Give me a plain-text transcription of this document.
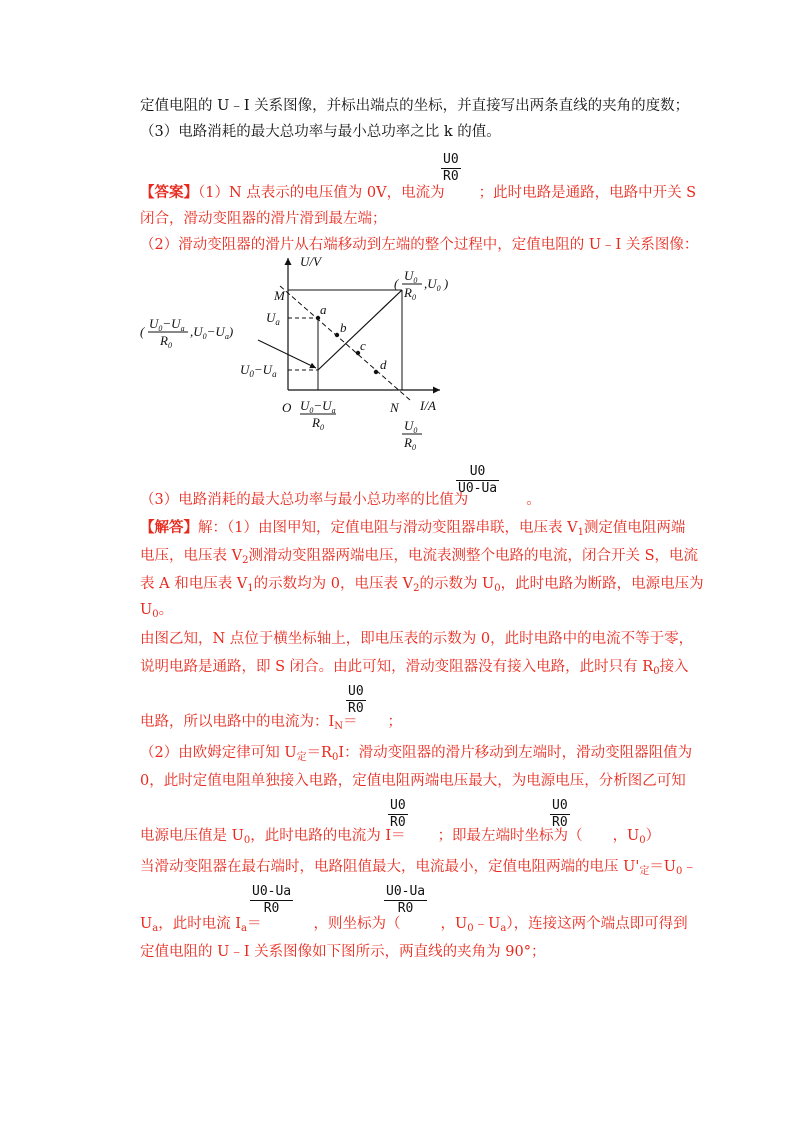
定值电阻的 U﹣I 关系图像，并标出端点的坐标，并直接写出两条直线的夹角的度数；
（3）电路消耗的最大总功率与最小总功率之比 k 的值。
$\frac{U0}{R0}$
【答案】（1）N 点表示的电压值为 0V，电流为 ；此时电路是通路，电路中开关 S
闭合，滑动变阻器的滑片滑到最左端；
（2）滑动变阻器的滑片从右端移动到左端的整个过程中，定值电阻的 U﹣I 关系图像：
U/V
I/A
O
M
N
a
b
c
d
$U_a$
$U_0-U_a$
(
$U_0-U_a$
$R_0$
$,U_0-U_a$)
(
$U_0$
$R_0$
$,U_0$ )
$U_0-U_a$
$R_0$	$U_0$
$R_0$
$\frac{U0}{U0-Ua}$
（3）电路消耗的最大总功率与最小总功率的比值为	。
【解答】解：（1）由图甲知，定值电阻与滑动变阻器串联，电压表 $V_1$测定值电阻两端
电压，电压表 $V_2$测滑动变阻器两端电压，电流表测整个电路的电流，闭合开关 S，电流
表 A 和电压表 $V_1$的示数均为 0，电压表 $V_2$的示数为 $U_0$，此时电路为断路，电源电压为
$U_0$。
由图乙知，N 点位于横坐标轴上，即电压表的示数为 0，此时电路中的电流不等于零，
说明电路是通路，即 S 闭合。由此可知，滑动变阻器没有接入电路，此时只有 $R_0$接入
$\frac{U0}{R0}$
电路，所以电路中的电流为：$I_N=$ ；
（2）由欧姆定律可知 $U_定=R_0I$：滑动变阻器的滑片移动到左端时，滑动变阻器阻值为
0，此时定值电阻单独接入电路，定值电阻两端电压最大，为电源电压，分析图乙可知
$\frac{U0}{R0}$	$\frac{U0}{R0}$
电源电压值是 $U_0$，此时电路的电流为 I＝ ；即最左端时坐标为（ ，$U_0$）
当滑动变阻器在最右端时，电路阻值最大，电流最小，定值电阻两端的电压 $U'_定=U_0﹣$
$\frac{U0-Ua}{R0}$	$\frac{U0-Ua}{R0}$
$U_a$，此时电流 $I_a=$	，则坐标为（	，$U_0﹣U_a$），连接这两个端点即可得到
定值电阻的 U﹣I 关系图像如下图所示，两直线的夹角为 90°；
